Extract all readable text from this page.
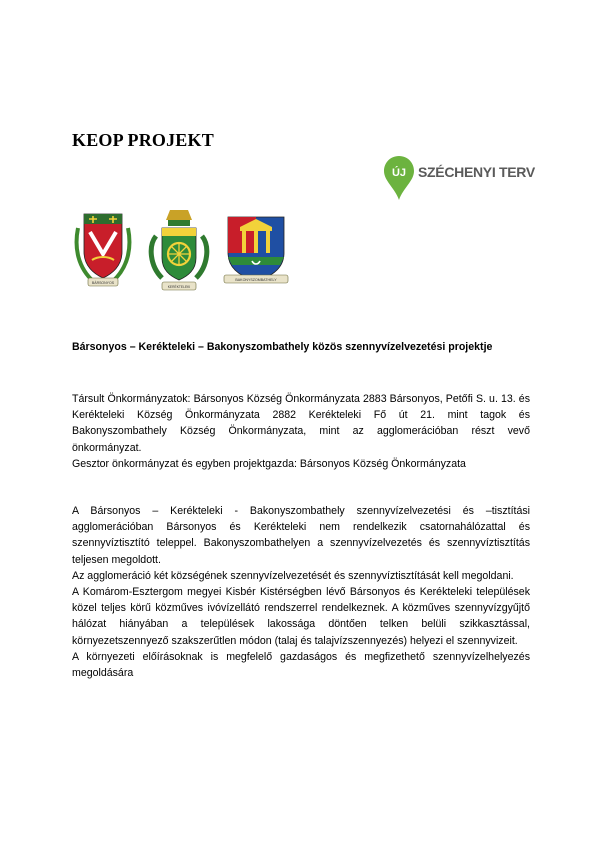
KEOP PROJEKT
ÚJ SZÉCHENYI TERV
BÁRSONYOS
KERÉKTELEKI
BAKONYSZOMBATHELY
Bársonyos – Kerékteleki – Bakonyszombathely közös szennyvízelvezetési projektje

Társult Önkormányzatok: Bársonyos Község Önkormányzata 2883 Bársonyos, Petőfi S. u. 13. és Kerékteleki Község Önkormányzata 2882 Kerékteleki Fő út 21. mint tagok és Bakonyszombathely Község Önkormányzata, mint az agglomerációban részt vevő önkormányzat.

Gesztor önkormányzat és egyben projektgazda: Bársonyos Község Önkormányzata

A Bársonyos – Kerékteleki - Bakonyszombathely szennyvízelvezetési és –tisztítási agglomerációban Bársonyos és Kerékteleki nem rendelkezik csatornahálózattal és szennyvíztisztító teleppel. Bakonyszombathelyen a szennyvízelvezetés és szennyvíztisztítás teljesen megoldott.

Az agglomeráció két községének szennyvízelvezetését és szennyvíztisztítását kell megoldani.

A Komárom-Esztergom megyei Kisbér Kistérségben lévő Bársonyos és Kerékteleki települések közel teljes körű közműves ivóvízellátó rendszerrel rendelkeznek. A közműves szennyvízgyűjtő hálózat hiányában a települések lakossága döntően telken belüli szikkasztással, környezetszennyező szakszerűtlen módon (talaj és talajvízszennyezés) helyezi el szennyvizeit.

A környezeti előírásoknak is megfelelő gazdaságos és megfizethető szennyvízelhelyezés megoldására
